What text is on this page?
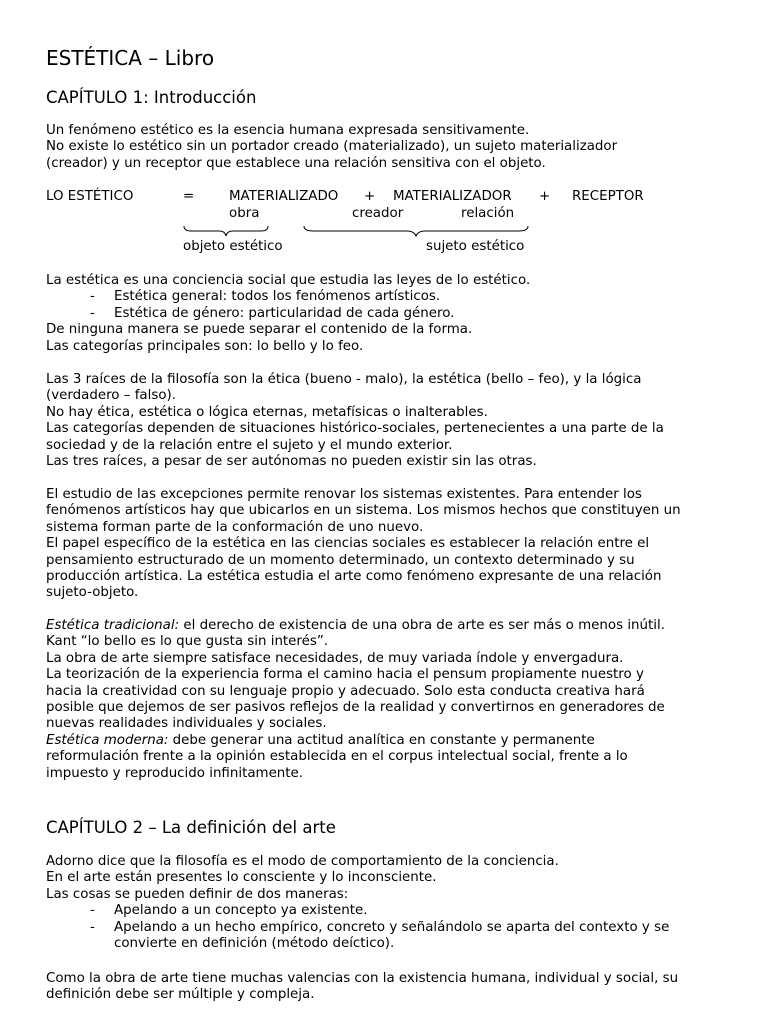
ESTÉTICA – Libro
CAPÍTULO 1: Introducción

Un fenómeno estético es la esencia humana expresada sensitivamente.

No existe lo estético sin un portador creado (materializado), un sujeto materializador

(creador) y un receptor que establece una relación sensitiva con el objeto.

LO ESTÉTICO	=	MATERIALIZADO + MATERIALIZADOR + RECEPTOR
obra	creador	relación
objeto estético	sujeto estético

La estética es una conciencia social que estudia las leyes de lo estético.

-	Estética general: todos los fenómenos artísticos.

-	Estética de género: particularidad de cada género.

De ninguna manera se puede separar el contenido de la forma.

Las categorías principales son: lo bello y lo feo.

Las 3 raíces de la filosofía son la ética (bueno - malo), la estética (bello – feo), y la lógica

(verdadero – falso).

No hay ética, estética o lógica eternas, metafísicas o inalterables.

Las categorías dependen de situaciones histórico-sociales, pertenecientes a una parte de la

sociedad y de la relación entre el sujeto y el mundo exterior.

Las tres raíces, a pesar de ser autónomas no pueden existir sin las otras.

El estudio de las excepciones permite renovar los sistemas existentes. Para entender los

fenómenos artísticos hay que ubicarlos en un sistema. Los mismos hechos que constituyen un

sistema forman parte de la conformación de uno nuevo.

El papel específico de la estética en las ciencias sociales es establecer la relación entre el

pensamiento estructurado de un momento determinado, un contexto determinado y su

producción artística. La estética estudia el arte como fenómeno expresante de una relación

sujeto-objeto.

Estética tradicional: el derecho de existencia de una obra de arte es ser más o menos inútil.

Kant “lo bello es lo que gusta sin interés”.

La obra de arte siempre satisface necesidades, de muy variada índole y envergadura.

La teorización de la experiencia forma el camino hacia el pensum propiamente nuestro y

hacia la creatividad con su lenguaje propio y adecuado. Solo esta conducta creativa hará

posible que dejemos de ser pasivos reflejos de la realidad y convertirnos en generadores de

nuevas realidades individuales y sociales.

Estética moderna: debe generar una actitud analítica en constante y permanente

reformulación frente a la opinión establecida en el corpus intelectual social, frente a lo

impuesto y reproducido infinitamente.

CAPÍTULO 2 – La definición del arte

Adorno dice que la filosofía es el modo de comportamiento de la conciencia.

En el arte están presentes lo consciente y lo inconsciente.

Las cosas se pueden definir de dos maneras:

-	Apelando a un concepto ya existente.

-	Apelando a un hecho empírico, concreto y señalándolo se aparta del contexto y se

convierte en definición (método deíctico).

Como la obra de arte tiene muchas valencias con la existencia humana, individual y social, su

definición debe ser múltiple y compleja.
